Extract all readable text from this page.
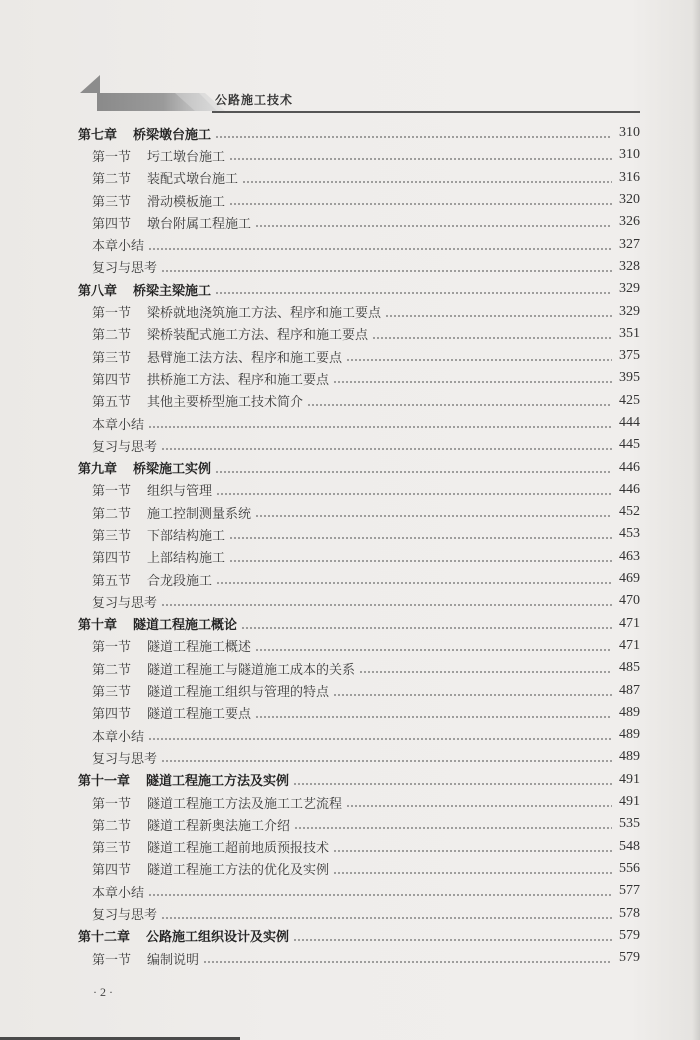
公路施工技术
第七章 桥梁墩台施工	310
第一节 圬工墩台施工	310
第二节 装配式墩台施工	316
第三节 滑动模板施工	320
第四节 墩台附属工程施工	326
本章小结	327
复习与思考	328
第八章 桥梁主梁施工	329
第一节 梁桥就地浇筑施工方法、程序和施工要点	329
第二节 梁桥装配式施工方法、程序和施工要点	351
第三节 悬臂施工法方法、程序和施工要点	375
第四节 拱桥施工方法、程序和施工要点	395
第五节 其他主要桥型施工技术简介	425
本章小结	444
复习与思考	445
第九章 桥梁施工实例	446
第一节 组织与管理	446
第二节 施工控制测量系统	452
第三节 下部结构施工	453
第四节 上部结构施工	463
第五节 合龙段施工	469
复习与思考	470
第十章 隧道工程施工概论	471
第一节 隧道工程施工概述	471
第二节 隧道工程施工与隧道施工成本的关系	485
第三节 隧道工程施工组织与管理的特点	487
第四节 隧道工程施工要点	489
本章小结	489
复习与思考	489
第十一章 隧道工程施工方法及实例	491
第一节 隧道工程施工方法及施工工艺流程	491
第二节 隧道工程新奥法施工介绍	535
第三节 隧道工程施工超前地质预报技术	548
第四节 隧道工程施工方法的优化及实例	556
本章小结	577
复习与思考	578
第十二章 公路施工组织设计及实例	579
第一节 编制说明	579
· 2 ·
